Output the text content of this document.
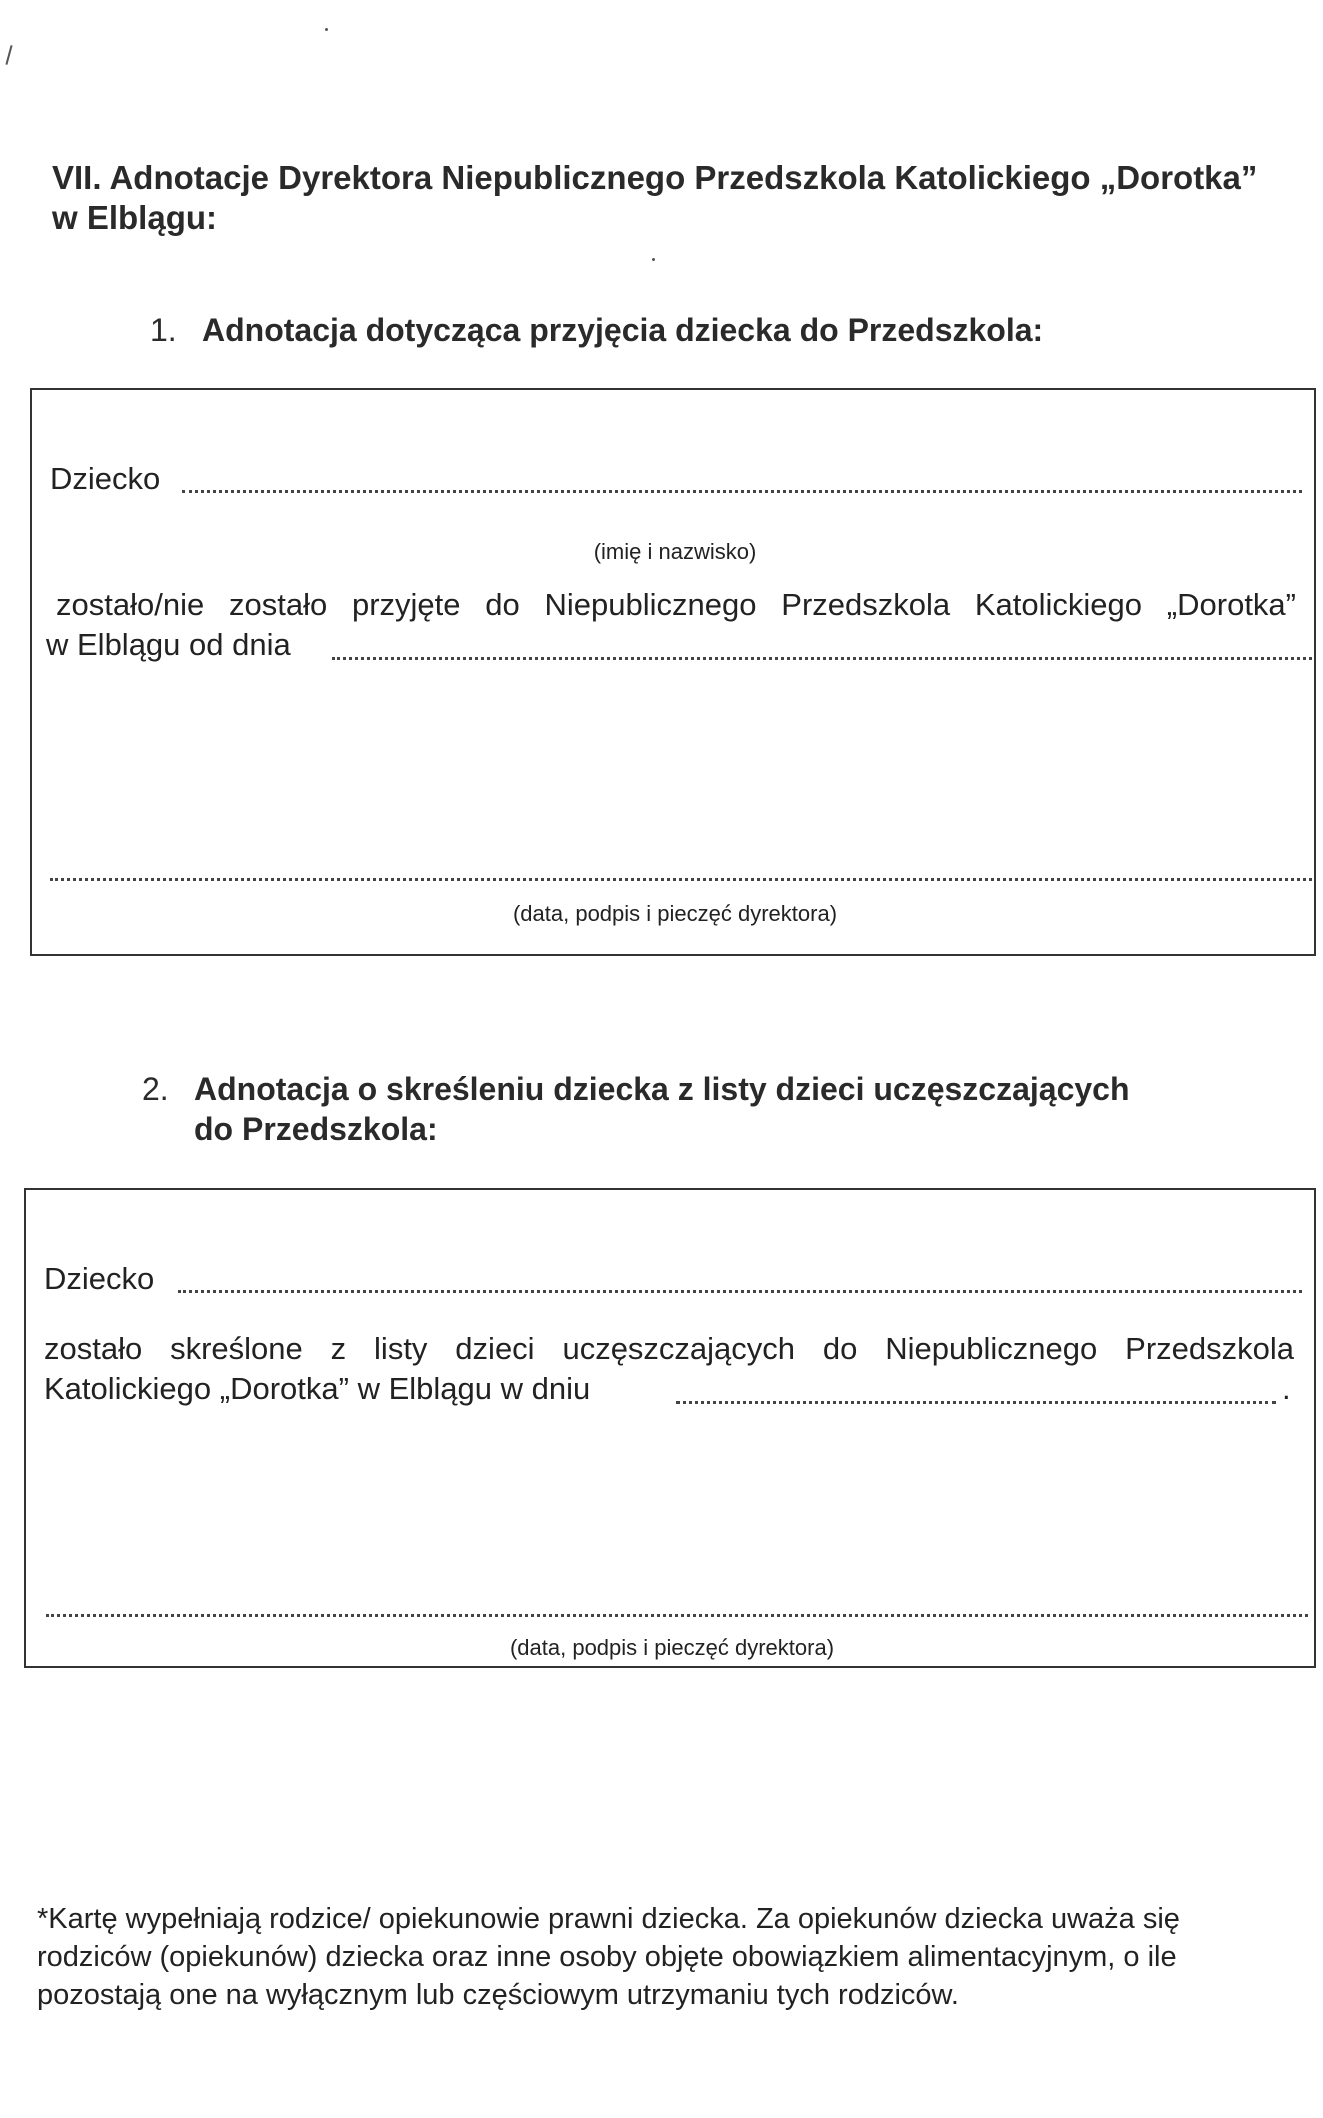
VII. Adnotacje Dyrektora Niepublicznego Przedszkola Katolickiego „Dorotka”
w Elblągu:
1. Adnotacja dotycząca przyjęcia dziecka do Przedszkola:
Dziecko
(imię i nazwisko)
zostało/nie zostało przyjęte do Niepublicznego Przedszkola Katolickiego „Dorotka”
w Elblągu od dnia
(data, podpis i pieczęć dyrektora)
2. Adnotacja o skreśleniu dziecka z listy dzieci uczęszczających
do Przedszkola:
Dziecko
zostało skreślone z listy dzieci uczęszczających do Niepublicznego Przedszkola
Katolickiego „Dorotka” w Elblągu w dniu	.
(data, podpis i pieczęć dyrektora)
*Kartę wypełniają rodzice/ opiekunowie prawni dziecka. Za opiekunów dziecka uważa się rodziców (opiekunów) dziecka oraz inne osoby objęte obowiązkiem alimentacyjnym, o ile pozostają one na wyłącznym lub częściowym utrzymaniu tych rodziców.
